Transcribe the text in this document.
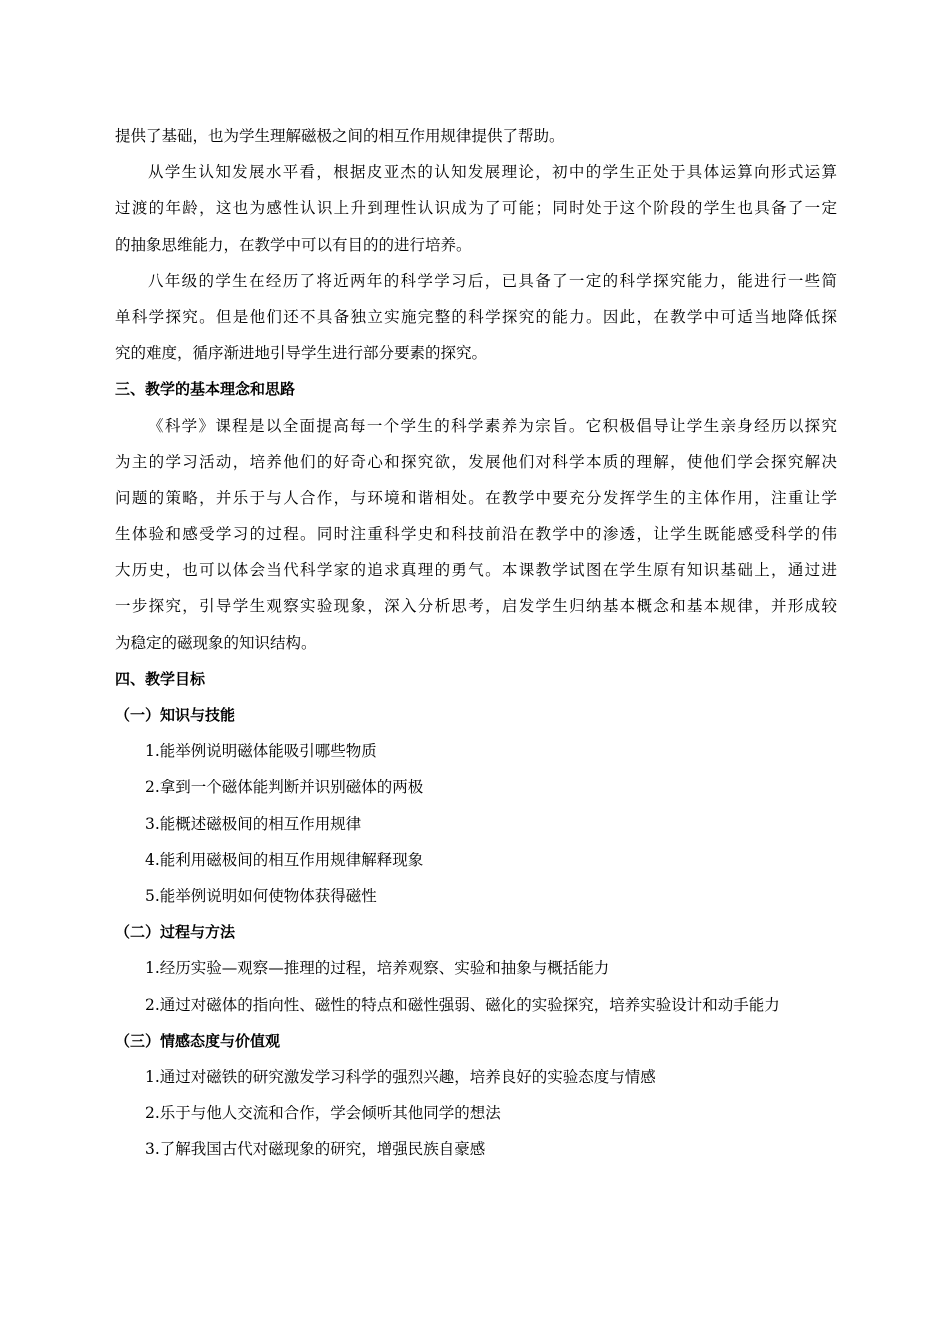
提供了基础，也为学生理解磁极之间的相互作用规律提供了帮助。
从学生认知发展水平看，根据皮亚杰的认知发展理论，初中的学生正处于具体运算向形式运算
过渡的年龄，这也为感性认识上升到理性认识成为了可能；同时处于这个阶段的学生也具备了一定
的抽象思维能力，在教学中可以有目的的进行培养。
八年级的学生在经历了将近两年的科学学习后，已具备了一定的科学探究能力，能进行一些简
单科学探究。但是他们还不具备独立实施完整的科学探究的能力。因此，在教学中可适当地降低探
究的难度，循序渐进地引导学生进行部分要素的探究。
三、教学的基本理念和思路
《科学》课程是以全面提高每一个学生的科学素养为宗旨。它积极倡导让学生亲身经历以探究
为主的学习活动，培养他们的好奇心和探究欲，发展他们对科学本质的理解，使他们学会探究解决
问题的策略，并乐于与人合作，与环境和谐相处。在教学中要充分发挥学生的主体作用，注重让学
生体验和感受学习的过程。同时注重科学史和科技前沿在教学中的渗透，让学生既能感受科学的伟
大历史，也可以体会当代科学家的追求真理的勇气。本课教学试图在学生原有知识基础上，通过进
一步探究，引导学生观察实验现象，深入分析思考，启发学生归纳基本概念和基本规律，并形成较
为稳定的磁现象的知识结构。
四、教学目标
（一）知识与技能
1.能举例说明磁体能吸引哪些物质
2.拿到一个磁体能判断并识别磁体的两极
3.能概述磁极间的相互作用规律
4.能利用磁极间的相互作用规律解释现象
5.能举例说明如何使物体获得磁性
（二）过程与方法
1.经历实验—观察—推理的过程，培养观察、实验和抽象与概括能力
2.通过对磁体的指向性、磁性的特点和磁性强弱、磁化的实验探究，培养实验设计和动手能力
（三）情感态度与价值观
1.通过对磁铁的研究激发学习科学的强烈兴趣，培养良好的实验态度与情感
2.乐于与他人交流和合作，学会倾听其他同学的想法
3.了解我国古代对磁现象的研究，增强民族自豪感
